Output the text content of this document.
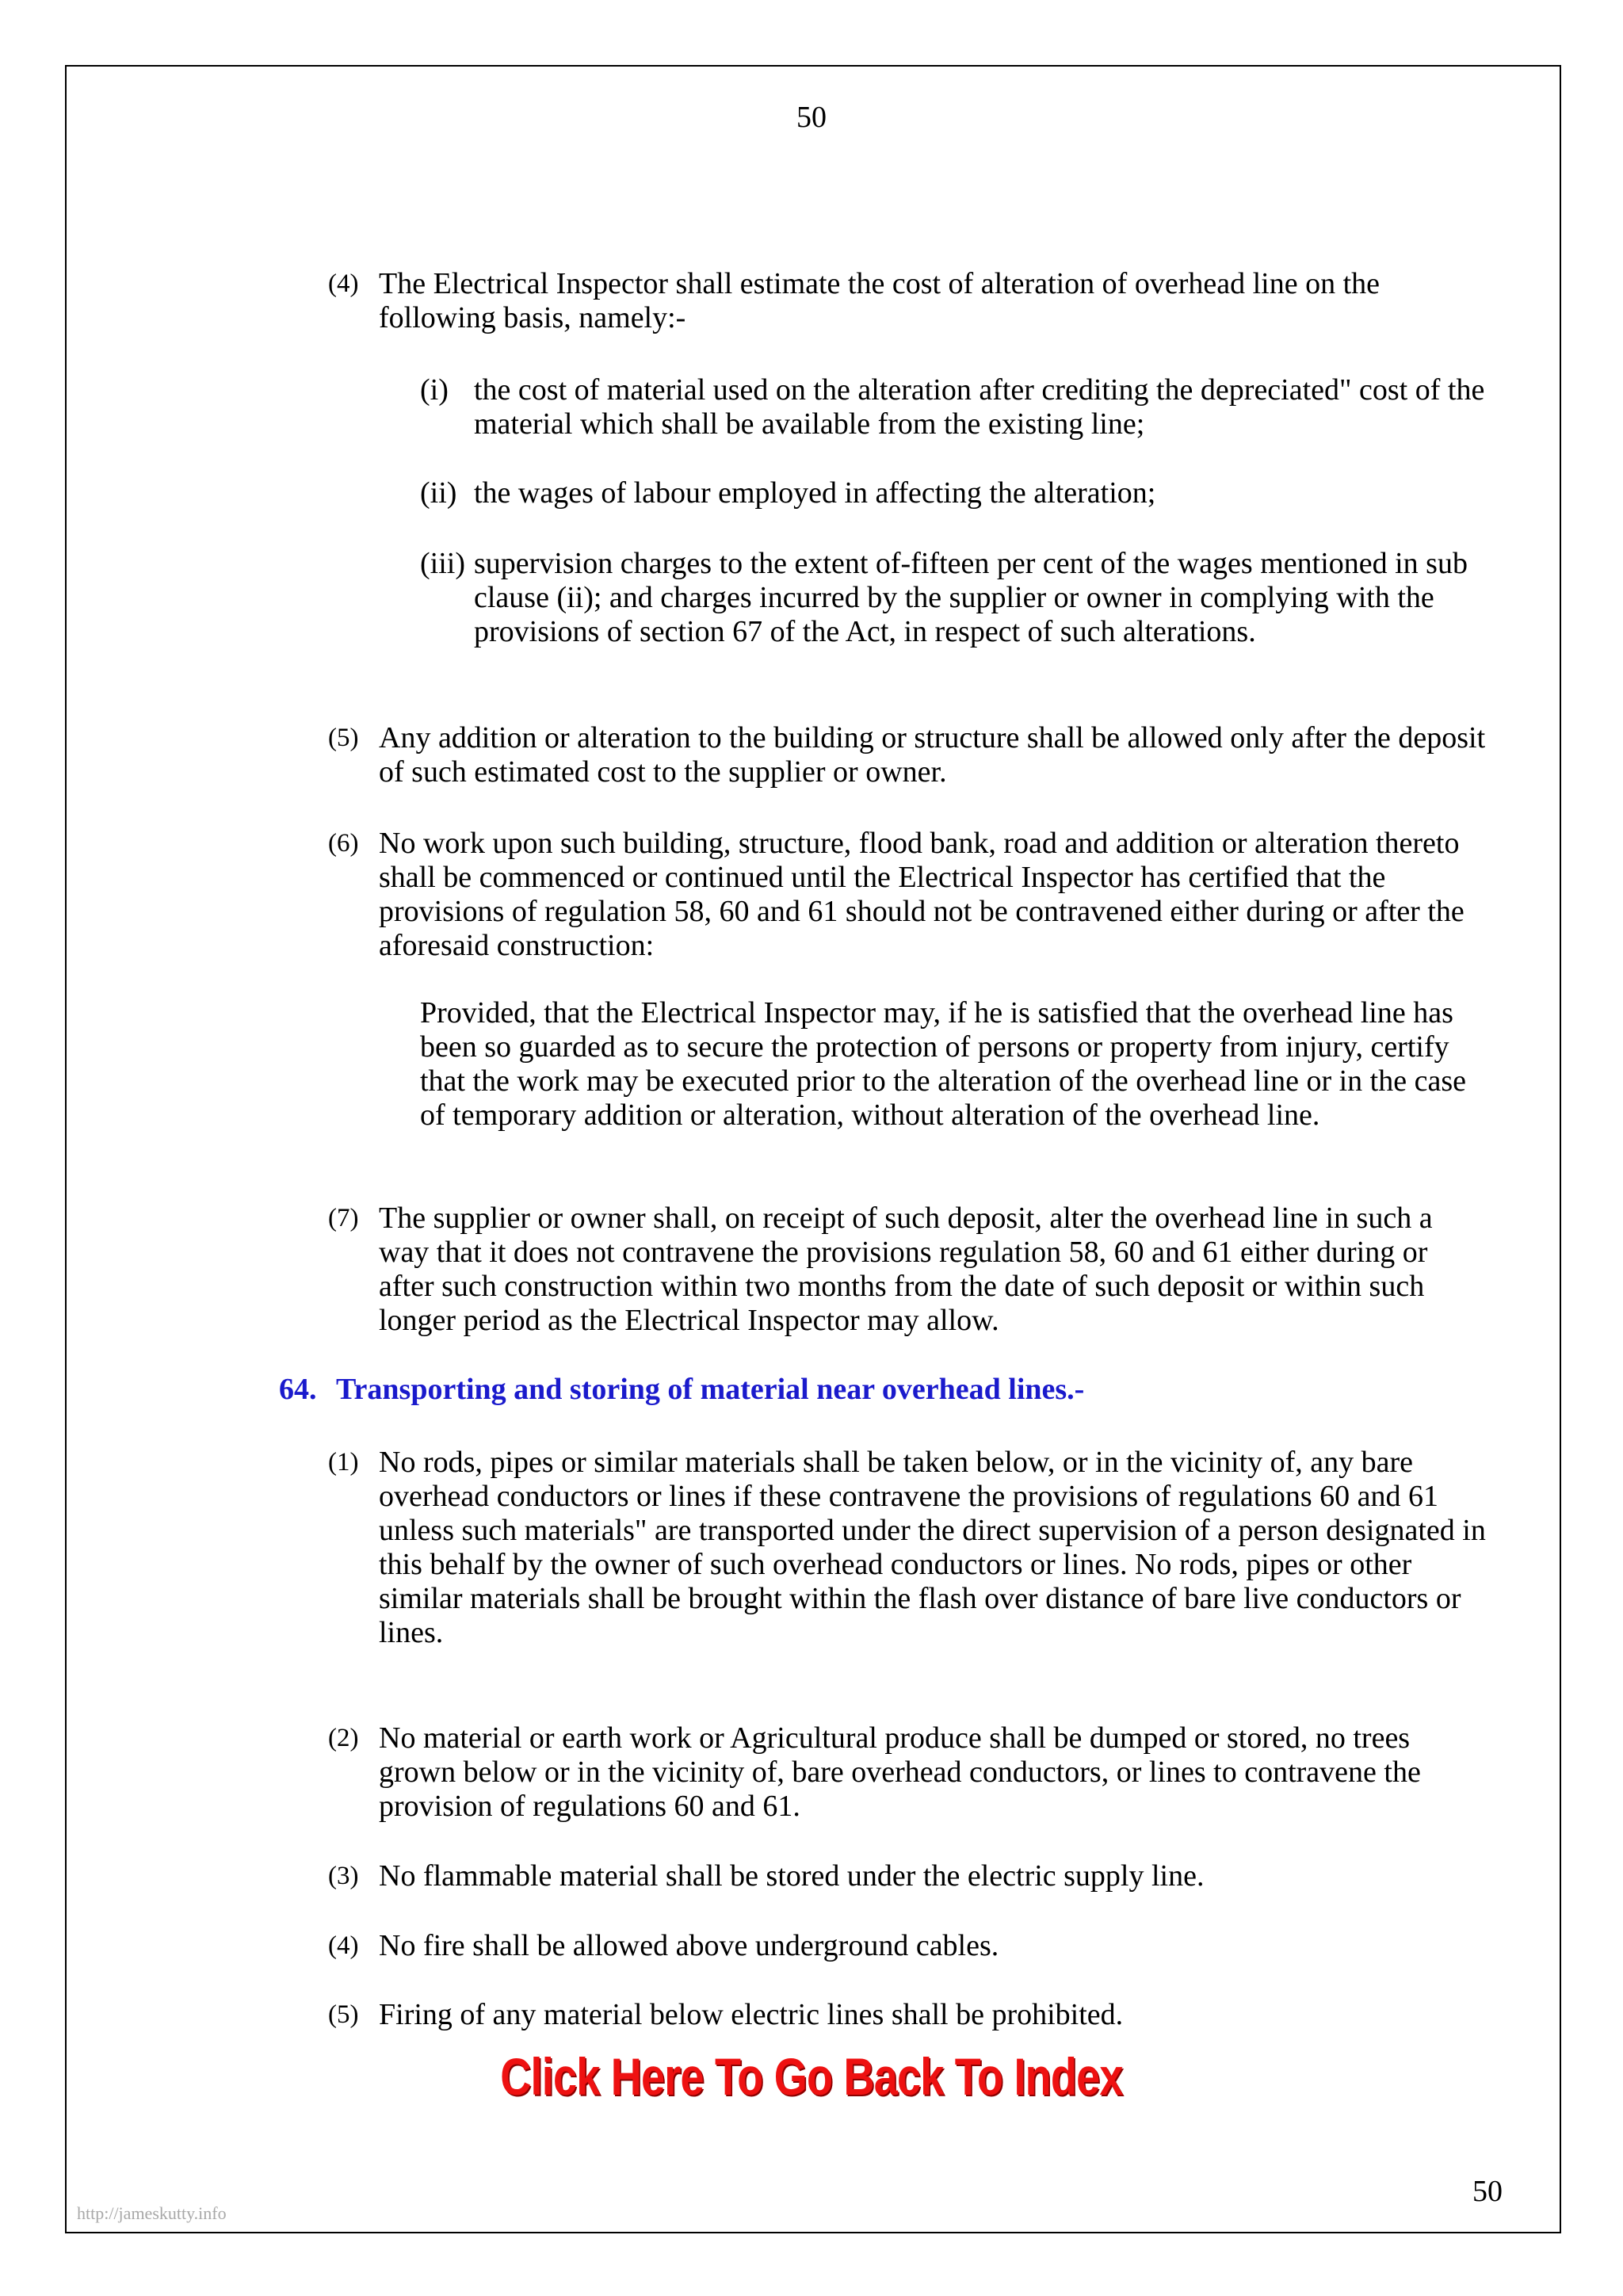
50
(4) The Electrical Inspector shall estimate the cost of alteration of overhead line on the following basis, namely:-
(i) the cost of material used on the alteration after crediting the depreciated" cost of the material which shall be available from the existing line;
(ii) the wages of labour employed in affecting the alteration;
(iii) supervision charges to the extent of-fifteen per cent of the wages mentioned in sub clause (ii); and charges incurred by the supplier or owner in complying with the provisions of section 67 of the Act, in respect of such alterations.
(5) Any addition or alteration to the building or structure shall be allowed only after the deposit of such estimated cost to the supplier or owner.
(6) No work upon such building, structure, flood bank, road and addition or alteration thereto shall be commenced or continued until the Electrical Inspector has certified that the provisions of regulation 58, 60 and 61 should not be contravened either during or after the aforesaid construction:
Provided, that the Electrical Inspector may, if he is satisfied that the overhead line has been so guarded as to secure the protection of persons or property from injury, certify that the work may be executed prior to the alteration of the overhead line or in the case of temporary addition or alteration, without alteration of the overhead line.
(7) The supplier or owner shall, on receipt of such deposit, alter the overhead line in such a way that it does not contravene the provisions regulation 58, 60 and 61 either during or after such construction within two months from the date of such deposit or within such longer period as the Electrical Inspector may allow.
64. Transporting and storing of material near overhead lines.-
(1) No rods, pipes or similar materials shall be taken below, or in the vicinity of, any bare overhead conductors or lines if these contravene the provisions of regulations 60 and 61 unless such materials" are transported under the direct supervision of a person designated in this behalf by the owner of such overhead conductors or lines. No rods, pipes or other similar materials shall be brought within the flash over distance of bare live conductors or lines.
(2) No material or earth work or Agricultural produce shall be dumped or stored, no trees grown below or in the vicinity of, bare overhead conductors, or lines to contravene the provision of regulations 60 and 61.
(3) No flammable material shall be stored under the electric supply line.
(4) No fire shall be allowed above underground cables.
(5) Firing of any material below electric lines shall be prohibited.
Click Here To Go Back To Index
50
http://jameskutty.info
